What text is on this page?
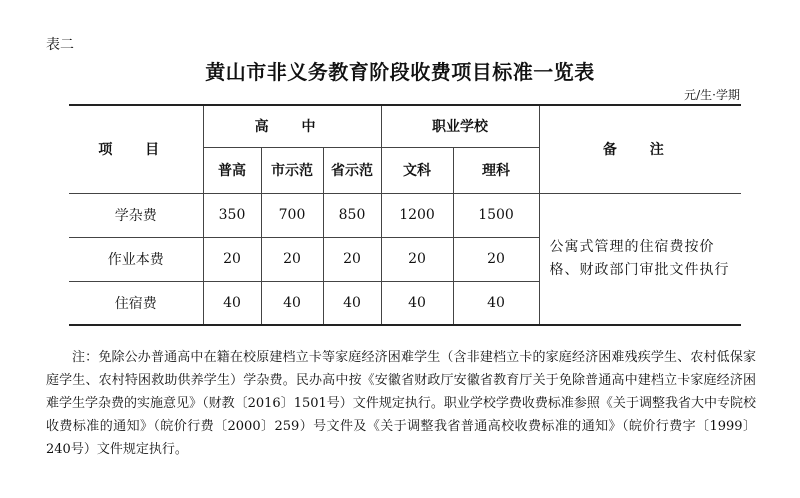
表二
黄山市非义务教育阶段收费项目标准一览表
元/生·学期
项 目	高 中			职业学校		备 注
	普高	市示范	省示范	文科	理科	
学杂费	350	700	850	1200	1500	公寓式管理的住宿费按价格、财政部门审批文件执行
作业本费	20	20	20	20	20	
住宿费	40	40	40	40	40	
注：免除公办普通高中在籍在校原建档立卡等家庭经济困难学生（含非建档立卡的家庭经济困难残疾学生、农村低保家庭学生、农村特困救助供养学生）学杂费。民办高中按《安徽省财政厅安徽省教育厅关于免除普通高中建档立卡家庭经济困难学生学杂费的实施意见》（财教〔2016〕1501号）文件规定执行。职业学校学费收费标准参照《关于调整我省大中专院校收费标准的通知》（皖价行费〔2000〕259）号文件及《关于调整我省普通高校收费标准的通知》（皖价行费字〔1999〕240号）文件规定执行。
